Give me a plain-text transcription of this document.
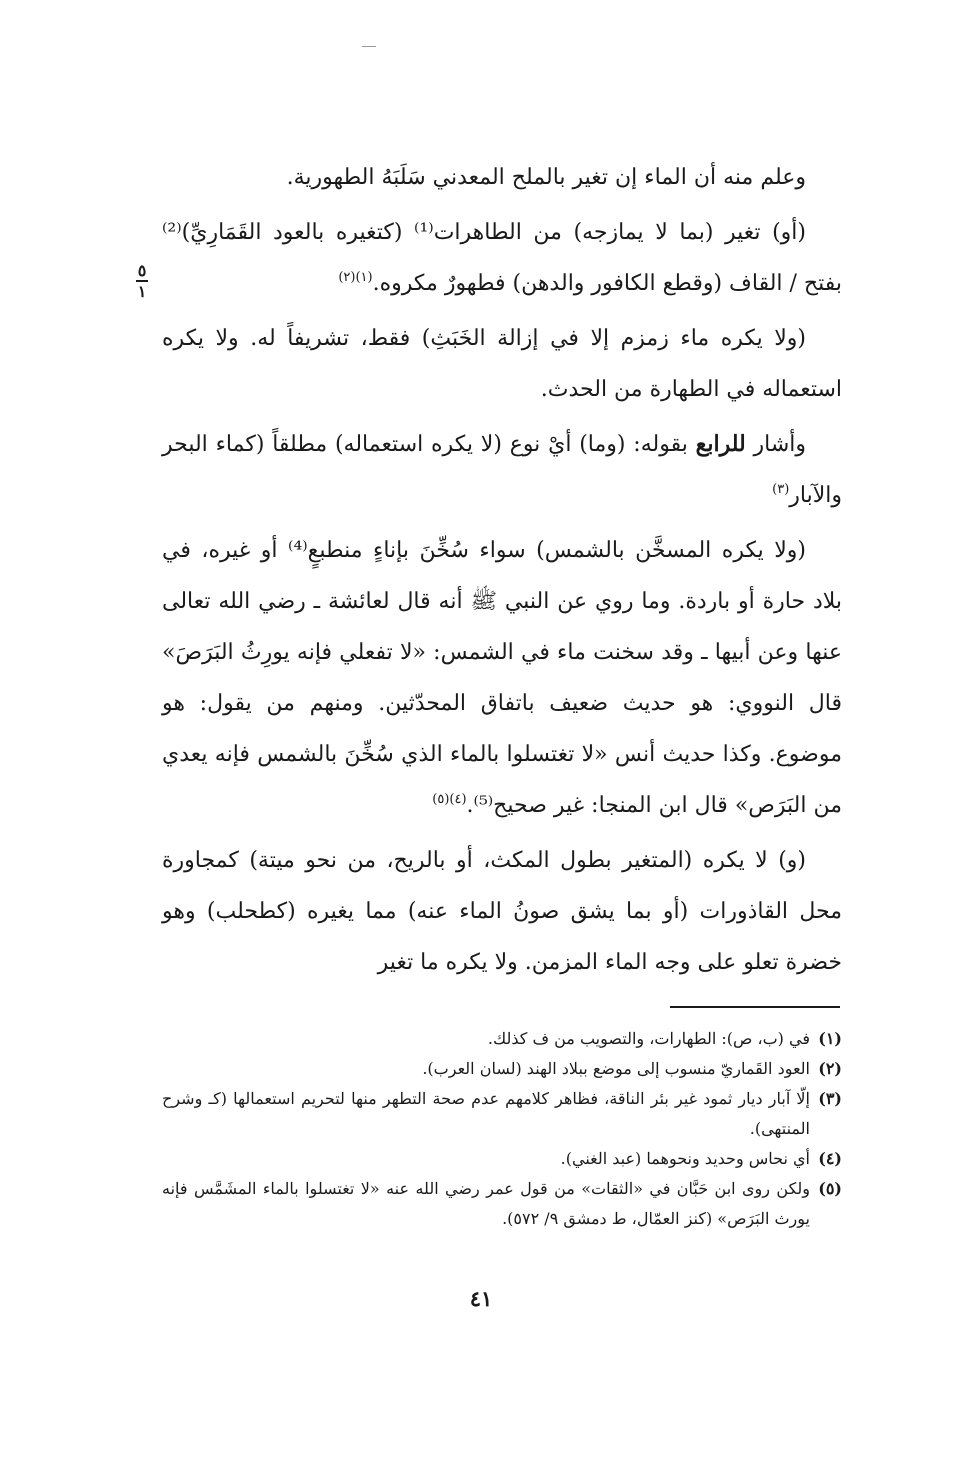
٥
١

وعلم منه أن الماء إن تغير بالملح المعدني سَلَبَهُ الطهورية.

(أو) تغير (بما لا يمازجه) من الطاهرات⁽¹⁾ (كتغيره بالعود القَمَارِيِّ)⁽²⁾ بفتح / القاف (وقطع الكافور والدهن) فطهورٌ مكروه.$^{(١)(٢)}$

(ولا يكره ماء زمزم إلا في إزالة الخَبَثِ) فقط، تشريفاً له. ولا يكره استعماله في الطهارة من الحدث.

وأشار للرابع بقوله: (وما) أيْ نوع (لا يكره استعماله) مطلقاً (كماء البحر والآبار$^{(٣)}$

(ولا يكره المسخَّن بالشمس) سواء سُخِّنَ بإناءٍ منطبعٍ⁽⁴⁾ أو غيره، في بلاد حارة أو باردة. وما روي عن النبي ﷺ أنه قال لعائشة ـ رضي الله تعالى عنها وعن أبيها ـ وقد سخنت ماء في الشمس: «لا تفعلي فإنه يورِثُ البَرَصَ» قال النووي: هو حديث ضعيف باتفاق المحدّثين. ومنهم من يقول: هو موضوع. وكذا حديث أنس «لا تغتسلوا بالماء الذي سُخِّنَ بالشمس فإنه يعدي من البَرَص» قال ابن المنجا: غير صحيح⁽⁵⁾.$^{(٤)(٥)}$

(و) لا يكره (المتغير بطول المكث، أو بالريح، من نحو ميتة) كمجاورة محل القاذورات (أو بما يشق صونُ الماء عنه) مما يغيره (كطحلب) وهو خضرة تعلو على وجه الماء المزمن. ولا يكره ما تغير

(١)
في (ب، ص): الطهارات، والتصويب من ف كذلك.

(٢)
العود القَماريّ منسوب إلى موضع ببلاد الهند (لسان العرب).

(٣)
إلّا آبار ديار ثمود غير بئر الناقة، فظاهر كلامهم عدم صحة التطهر منها لتحريم استعمالها (كـ وشرح المنتهى).

(٤)
أي نحاس وحديد ونحوهما (عبد الغني).

(٥)
ولكن روى ابن حَبَّان في «الثقات» من قول عمر رضي الله عنه «لا تغتسلوا بالماء المشَمَّس فإنه يورث البَرَص» (كنز العمّال، ط دمشق ٩/ ٥٧٢).

٤١
